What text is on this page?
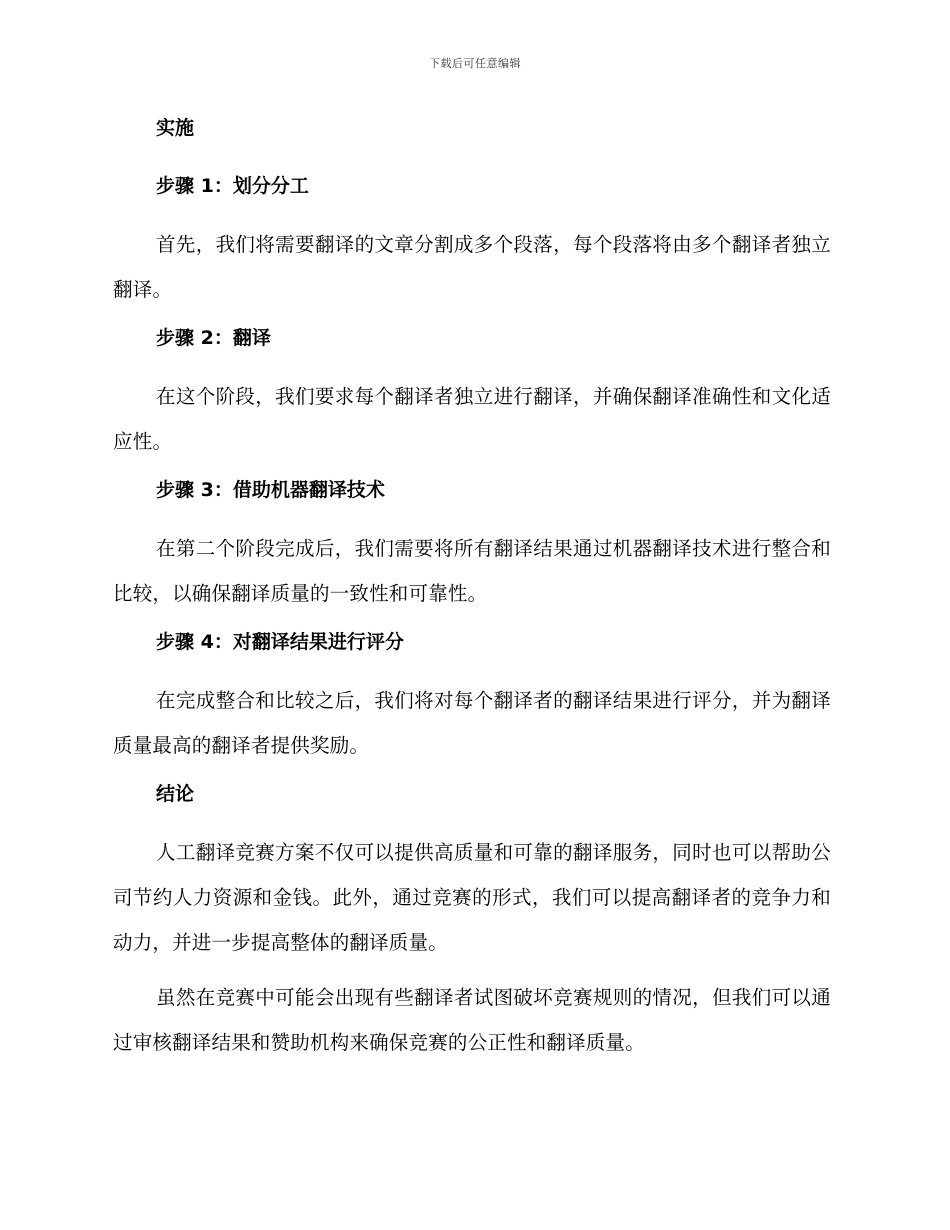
下载后可任意编辑
实施
步骤 1：划分分工

首先，我们将需要翻译的文章分割成多个段落，每个段落将由多个翻译者独立翻译。

步骤 2：翻译

在这个阶段，我们要求每个翻译者独立进行翻译，并确保翻译准确性和文化适应性。

步骤 3：借助机器翻译技术

在第二个阶段完成后，我们需要将所有翻译结果通过机器翻译技术进行整合和比较，以确保翻译质量的一致性和可靠性。

步骤 4：对翻译结果进行评分

在完成整合和比较之后，我们将对每个翻译者的翻译结果进行评分，并为翻译质量最高的翻译者提供奖励。

结论

人工翻译竞赛方案不仅可以提供高质量和可靠的翻译服务，同时也可以帮助公司节约人力资源和金钱。此外，通过竞赛的形式，我们可以提高翻译者的竞争力和动力，并进一步提高整体的翻译质量。

虽然在竞赛中可能会出现有些翻译者试图破坏竞赛规则的情况，但我们可以通过审核翻译结果和赞助机构来确保竞赛的公正性和翻译质量。
